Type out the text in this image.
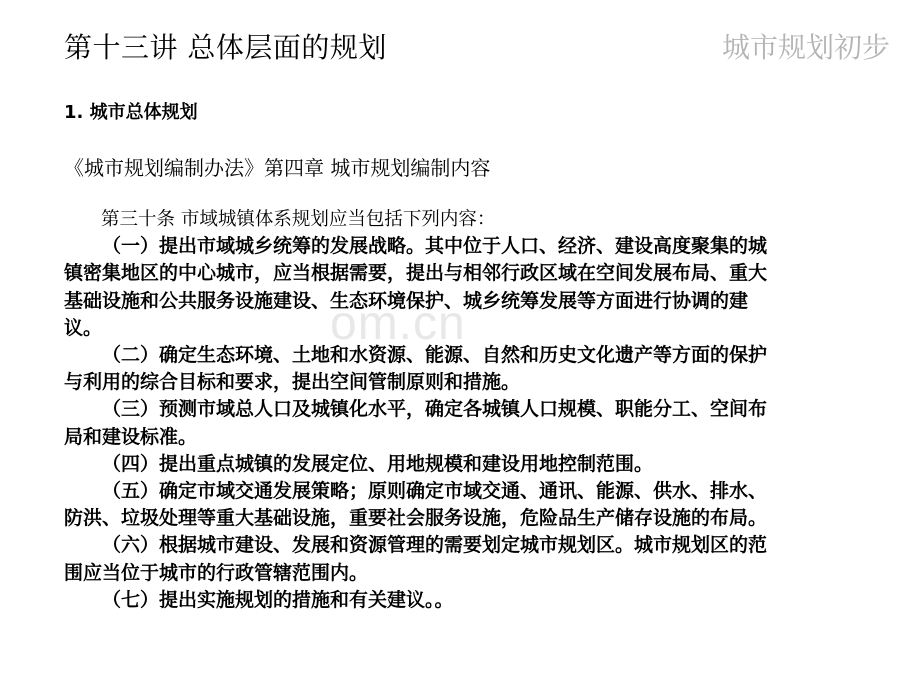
第十三讲 总体层面的规划	城市规划初步
1. 城市总体规划
《城市规划编制办法》第四章 城市规划编制内容
om.cn

第三十条 市域城镇体系规划应当包括下列内容：

（一）提出市域城乡统筹的发展战略。其中位于人口、经济、建设高度聚集的城镇密集地区的中心城市，应当根据需要，提出与相邻行政区域在空间发展布局、重大基础设施和公共服务设施建设、生态环境保护、城乡统筹发展等方面进行协调的建议。

（二）确定生态环境、土地和水资源、能源、自然和历史文化遗产等方面的保护与利用的综合目标和要求，提出空间管制原则和措施。

（三）预测市域总人口及城镇化水平，确定各城镇人口规模、职能分工、空间布局和建设标准。

（四）提出重点城镇的发展定位、用地规模和建设用地控制范围。

（五）确定市域交通发展策略；原则确定市域交通、通讯、能源、供水、排水、防洪、垃圾处理等重大基础设施，重要社会服务设施，危险品生产储存设施的布局。

（六）根据城市建设、发展和资源管理的需要划定城市规划区。城市规划区的范围应当位于城市的行政管辖范围内。

（七）提出实施规划的措施和有关建议。。
